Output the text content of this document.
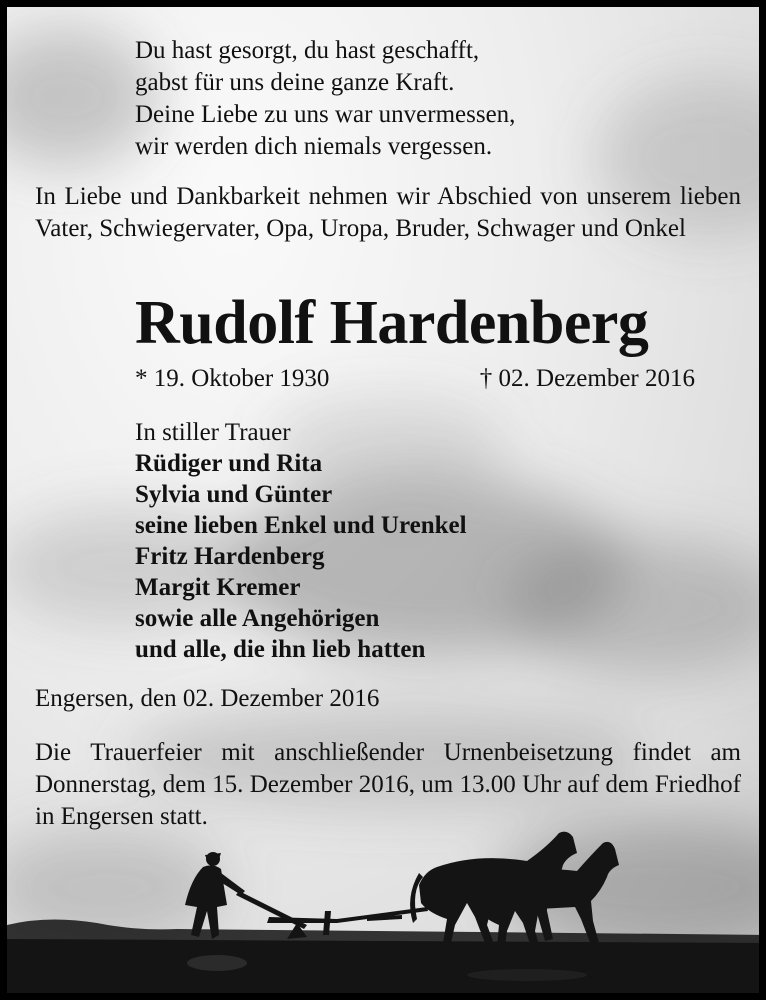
Du hast gesorgt, du hast geschafft,
gabst für uns deine ganze Kraft.
Deine Liebe zu uns war unvermessen,
wir werden dich niemals vergessen.
In Liebe und Dankbarkeit nehmen wir Abschied von unserem lieben Vater, Schwiegervater, Opa, Uropa, Bruder, Schwager und Onkel
Rudolf Hardenberg
* 19. Oktober 1930	† 02. Dezember 2016
In stiller Trauer
Rüdiger und Rita
Sylvia und Günter
seine lieben Enkel und Urenkel
Fritz Hardenberg
Margit Kremer
sowie alle Angehörigen
und alle, die ihn lieb hatten
Engersen, den 02. Dezember 2016
Die Trauerfeier mit anschließender Urnenbeisetzung findet am Donnerstag, dem 15. Dezember 2016, um 13.00 Uhr auf dem Friedhof in Engersen statt.
